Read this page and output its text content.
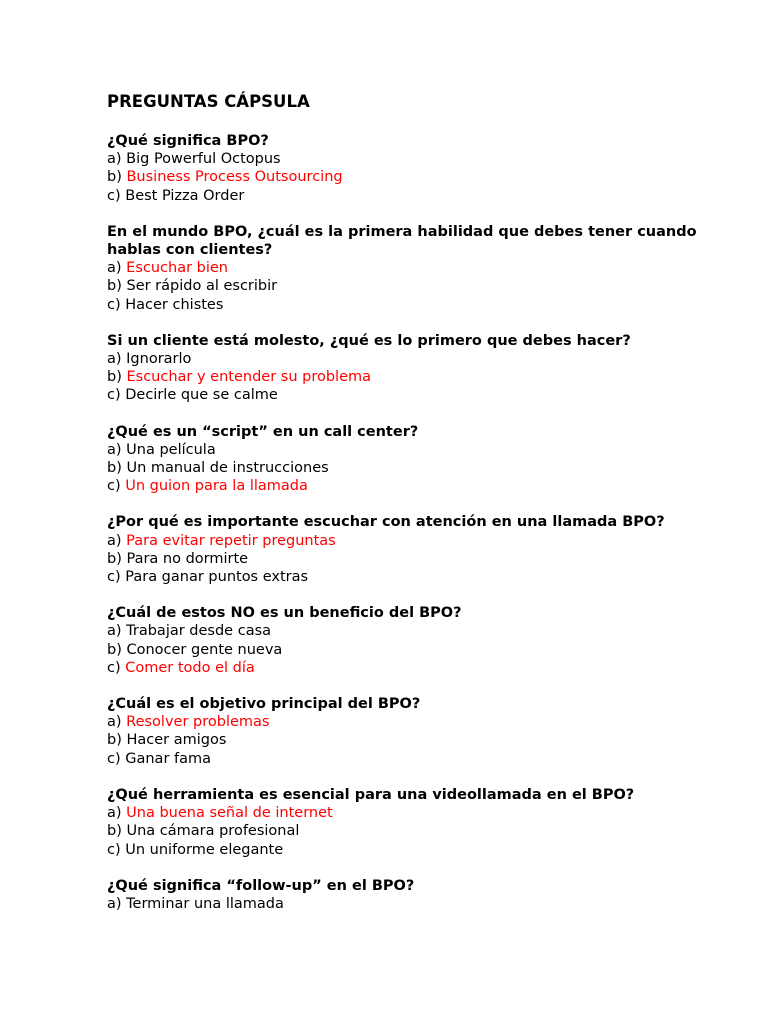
PREGUNTAS CÁPSULA
¿Qué significa BPO?
a) Big Powerful Octopus
b) Business Process Outsourcing
c) Best Pizza Order
En el mundo BPO, ¿cuál es la primera habilidad que debes tener cuando hablas con clientes?
a) Escuchar bien
b) Ser rápido al escribir
c) Hacer chistes
Si un cliente está molesto, ¿qué es lo primero que debes hacer?
a) Ignorarlo
b) Escuchar y entender su problema
c) Decirle que se calme
¿Qué es un “script” en un call center?
a) Una película
b) Un manual de instrucciones
c) Un guion para la llamada
¿Por qué es importante escuchar con atención en una llamada BPO?
a) Para evitar repetir preguntas
b) Para no dormirte
c) Para ganar puntos extras
¿Cuál de estos NO es un beneficio del BPO?
a) Trabajar desde casa
b) Conocer gente nueva
c) Comer todo el día
¿Cuál es el objetivo principal del BPO?
a) Resolver problemas
b) Hacer amigos
c) Ganar fama
¿Qué herramienta es esencial para una videollamada en el BPO?
a) Una buena señal de internet
b) Una cámara profesional
c) Un uniforme elegante
¿Qué significa “follow-up” en el BPO?
a) Terminar una llamada
